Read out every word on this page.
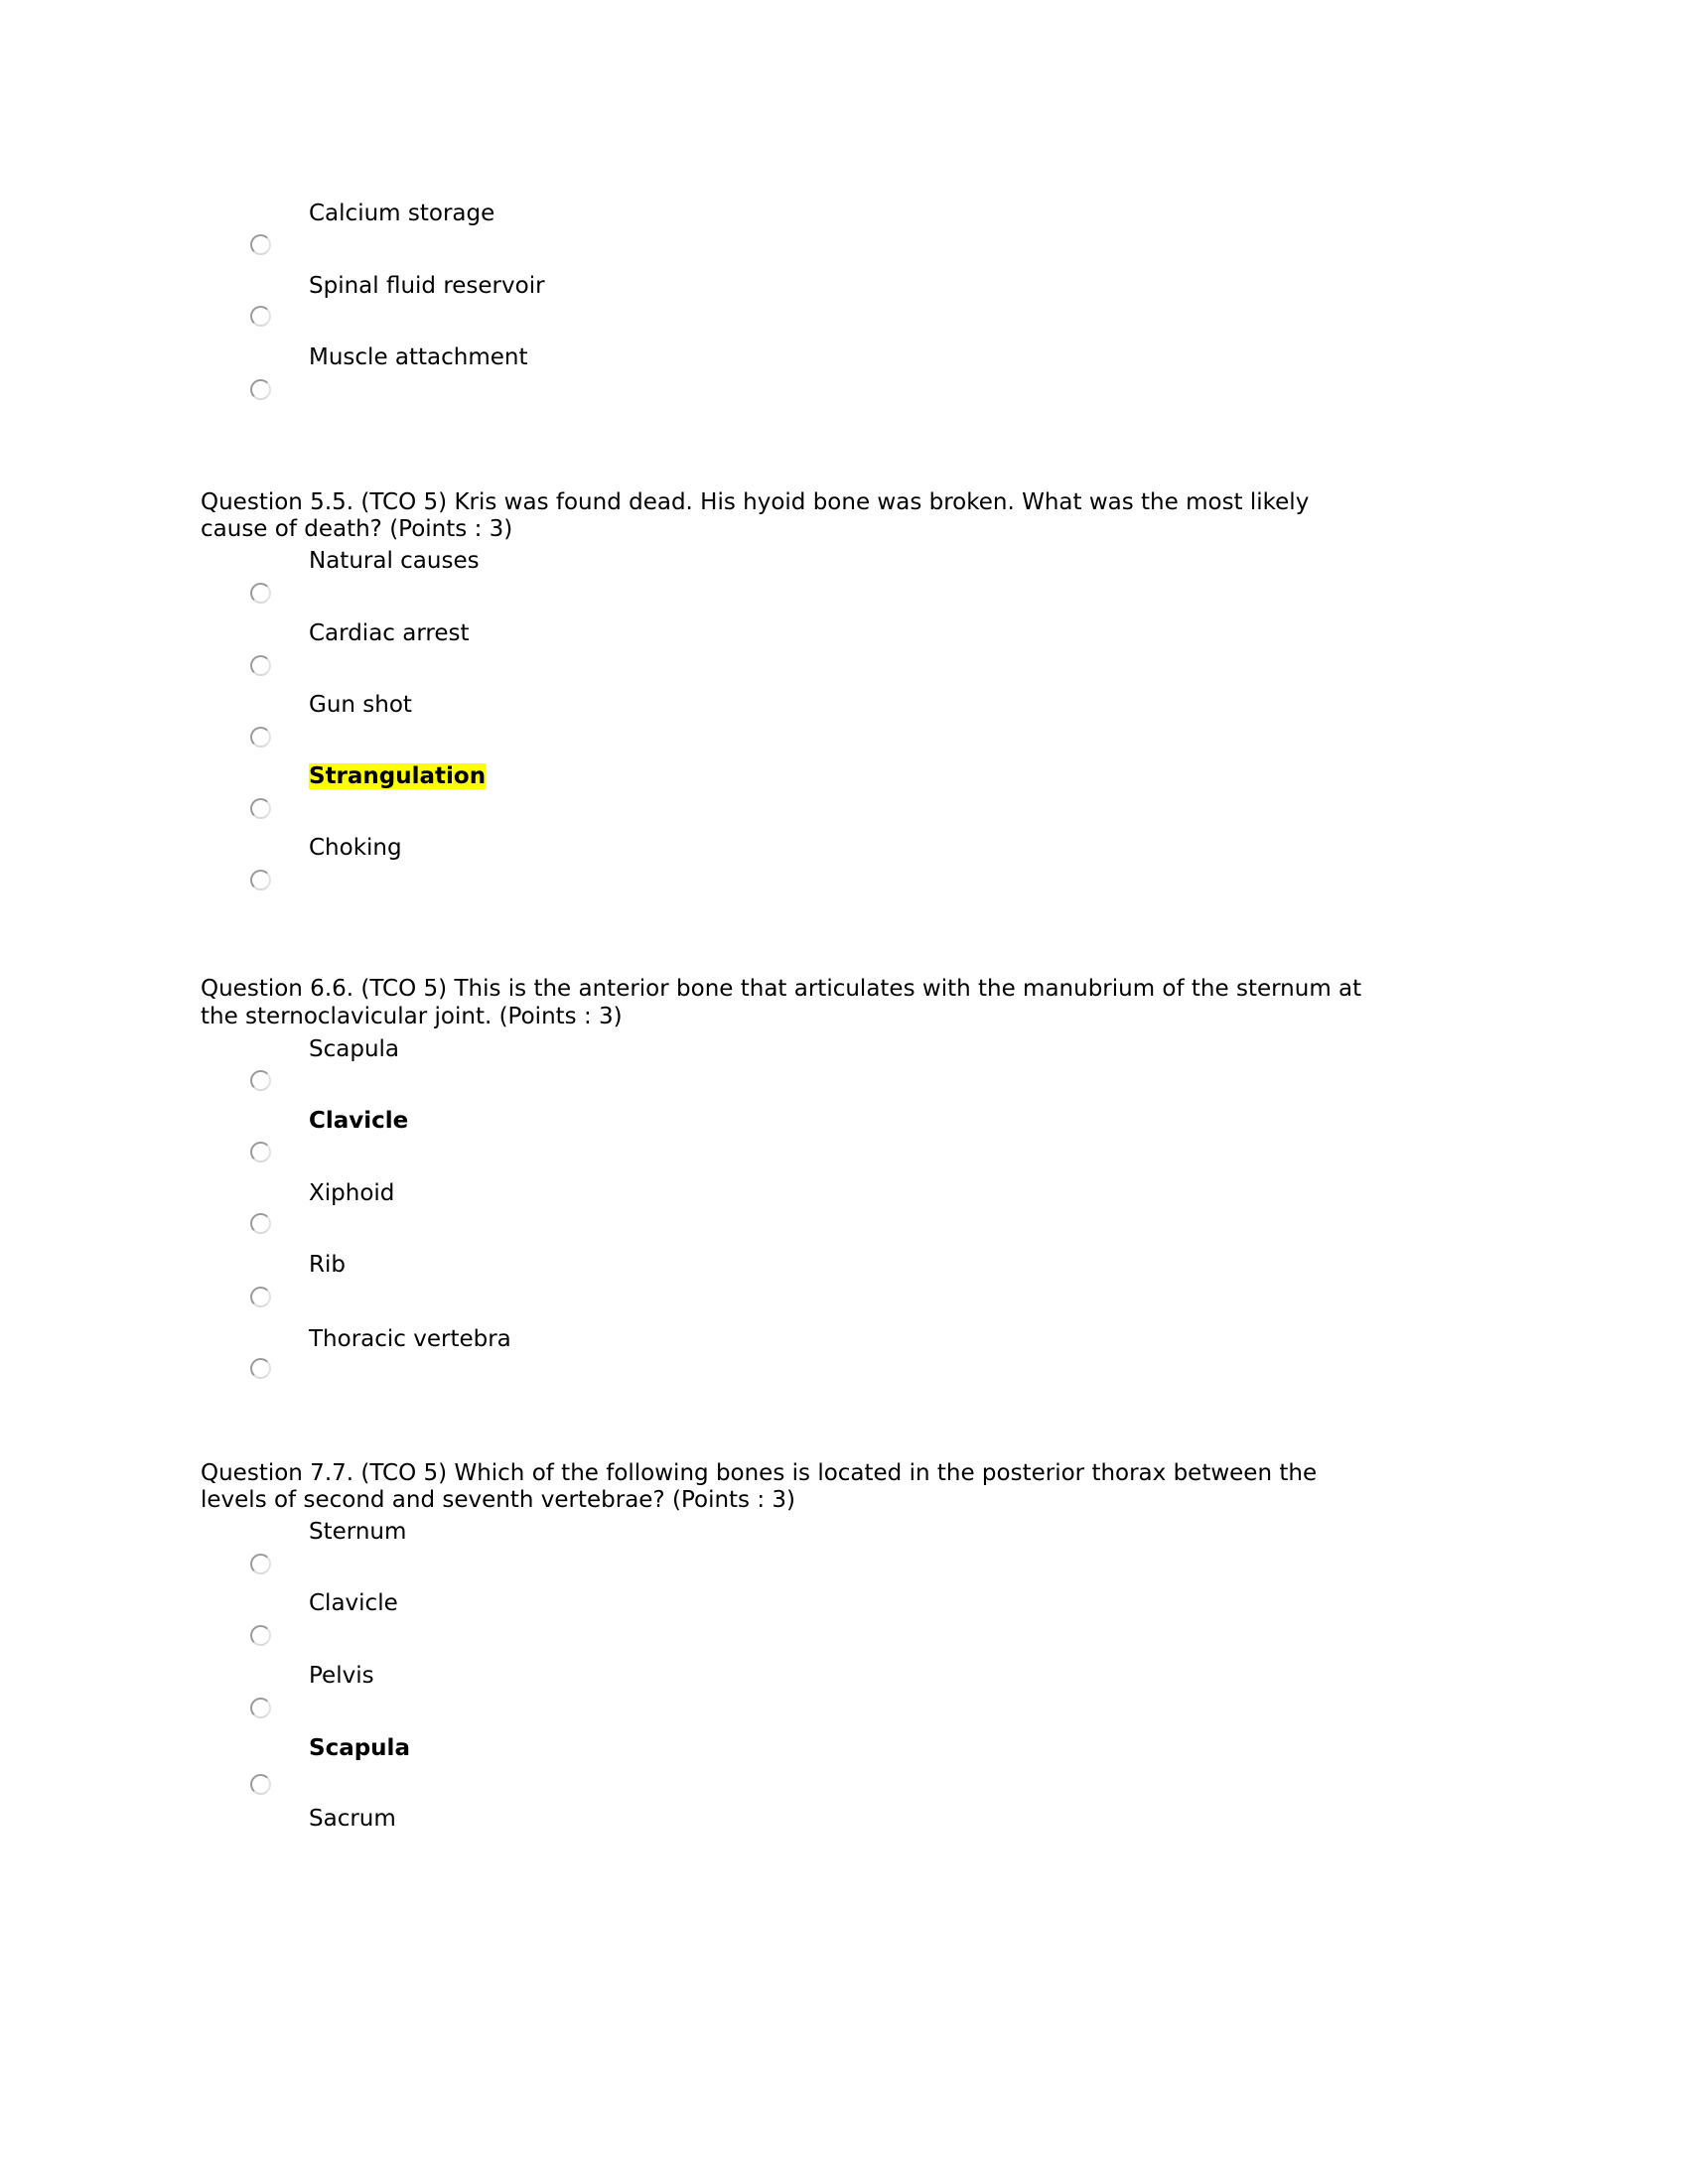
Calcium storage
Spinal fluid reservoir
Muscle attachment
Question 5.5. (TCO 5) Kris was found dead. His hyoid bone was broken. What was the most likely
cause of death? (Points : 3)
Natural causes
Cardiac arrest
Gun shot
Strangulation
Choking
Question 6.6. (TCO 5) This is the anterior bone that articulates with the manubrium of the sternum at
the sternoclavicular joint. (Points : 3)
Scapula
Clavicle
Xiphoid
Rib
Thoracic vertebra
Question 7.7. (TCO 5) Which of the following bones is located in the posterior thorax between the
levels of second and seventh vertebrae? (Points : 3)
Sternum
Clavicle
Pelvis
Scapula
Sacrum
